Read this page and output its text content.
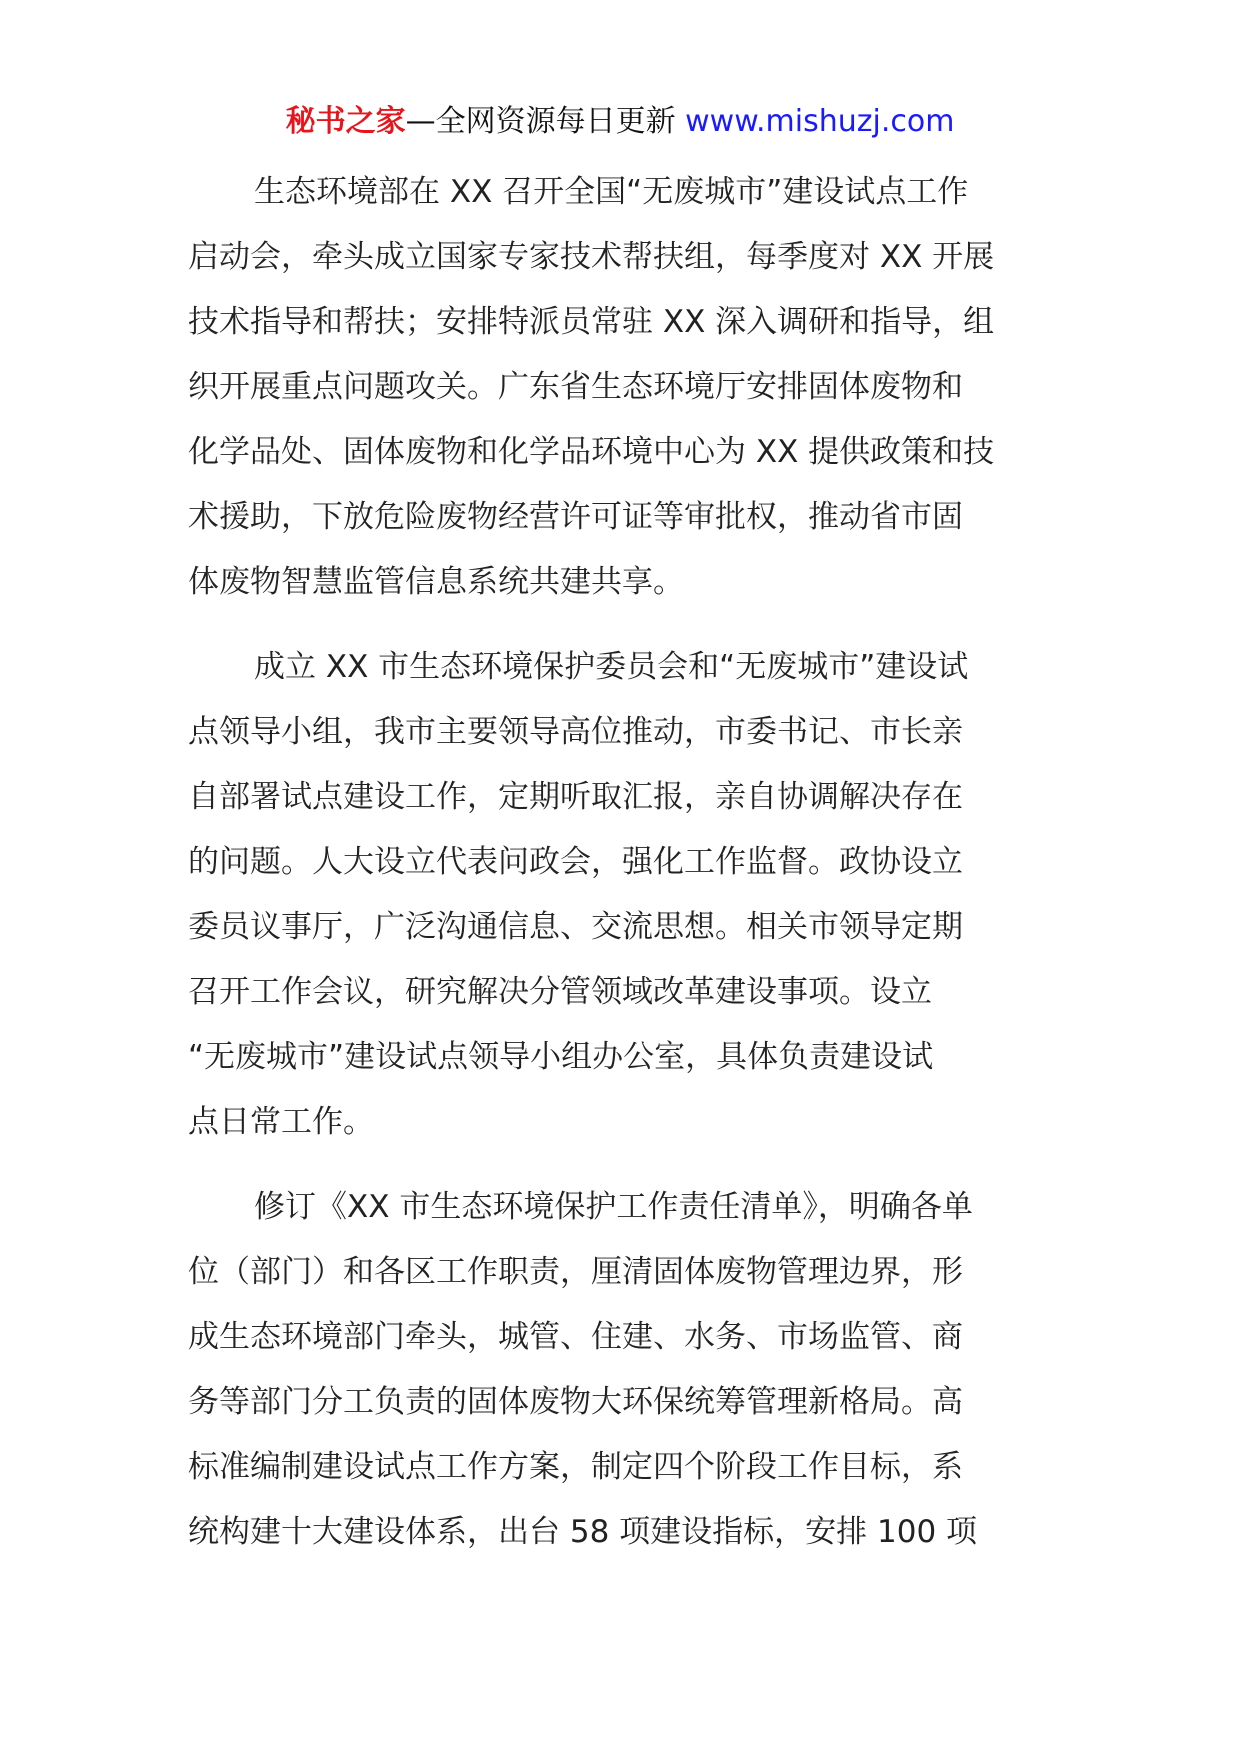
秘书之家—全网资源每日更新 www.mishuzj.com
生态环境部在 XX 召开全国“无废城市”建设试点工作
启动会，牵头成立国家专家技术帮扶组，每季度对 XX 开展
技术指导和帮扶；安排特派员常驻 XX 深入调研和指导，组
织开展重点问题攻关。广东省生态环境厅安排固体废物和
化学品处、固体废物和化学品环境中心为 XX 提供政策和技
术援助，下放危险废物经营许可证等审批权，推动省市固
体废物智慧监管信息系统共建共享。
成立 XX 市生态环境保护委员会和“无废城市”建设试
点领导小组，我市主要领导高位推动，市委书记、市长亲
自部署试点建设工作，定期听取汇报，亲自协调解决存在
的问题。人大设立代表问政会，强化工作监督。政协设立
委员议事厅，广泛沟通信息、交流思想。相关市领导定期
召开工作会议，研究解决分管领域改革建设事项。设立
“无废城市”建设试点领导小组办公室，具体负责建设试
点日常工作。
修订《XX 市生态环境保护工作责任清单》，明确各单
位（部门）和各区工作职责，厘清固体废物管理边界，形
成生态环境部门牵头，城管、住建、水务、市场监管、商
务等部门分工负责的固体废物大环保统筹管理新格局。高
标准编制建设试点工作方案，制定四个阶段工作目标，系
统构建十大建设体系，出台 58 项建设指标，安排 100 项
